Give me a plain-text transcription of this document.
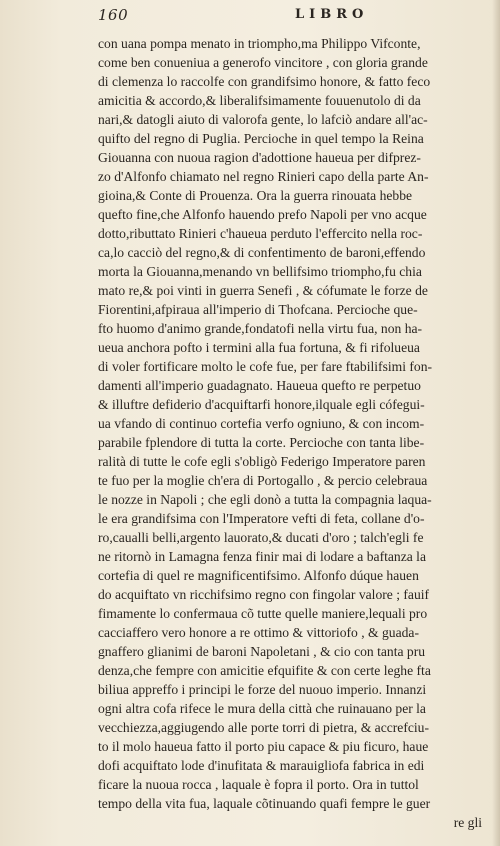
160	LIBRO
con uana pompa menato in triompho,ma Philippo Vifconte,
come ben conueniua a generofo vincitore , con gloria grande
di clemenza lo raccolfe con grandifsimo honore, & fatto feco
amicitia & accordo,& liberalifsimamente fouuenutolo di da
nari,& datogli aiuto di valorofa gente, lo lafciò andare all'ac-
quifto del regno di Puglia. Percioche in quel tempo la Reina
Giouanna con nuoua ragion d'adottione haueua per difprez-
zo d'Alfonfo chiamato nel regno Rinieri capo della parte An-
gioina,& Conte di Prouenza. Ora la guerra rinouata hebbe
quefto fine,che Alfonfo hauendo prefo Napoli per vno acque
dotto,ributtato Rinieri c'haueua perduto l'effercito nella roc-
ca,lo cacciò del regno,& di confentimento de baroni,effendo
morta la Giouanna,menando vn bellifsimo triompho,fu chia
mato re,& poi vinti in guerra Senefi , & cófumate le forze de
Fiorentini,afpiraua all'imperio di Thofcana. Percioche que-
fto huomo d'animo grande,fondatofi nella virtu fua, non ha-
ueua anchora pofto i termini alla fua fortuna, & fi rifolueua
di voler fortificare molto le cofe fue, per fare ftabilifsimi fon-
damenti all'imperio guadagnato. Haueua quefto re perpetuo
& illuftre defiderio d'acquiftarfi honore,ilquale egli cófegui-
ua vfando di continuo cortefia verfo ogniuno, & con incom-
parabile fplendore di tutta la corte. Percioche con tanta libe-
ralità di tutte le cofe egli s'obligò Federigo Imperatore paren
te fuo per la moglie ch'era di Portogallo , & percio celebraua
le nozze in Napoli ; che egli donò a tutta la compagnia laqua-
le era grandifsima con l'Imperatore vefti di feta, collane d'o-
ro,caualli belli,argento lauorato,& ducati d'oro ; talch'egli fe
ne ritornò in Lamagna fenza finir mai di lodare a baftanza la
cortefia di quel re magnificentifsimo. Alfonfo dúque hauen
do acquiftato vn ricchifsimo regno con fingolar valore ; fauif
fimamente lo confermaua cõ tutte quelle maniere,lequali pro
cacciaffero vero honore a re ottimo & vittoriofo , & guada-
gnaffero glianimi de baroni Napoletani , & cio con tanta pru
denza,che fempre con amicitie efquifite & con certe leghe fta
biliua appreffo i principi le forze del nuouo imperio. Innanzi
ogni altra cofa rifece le mura della città che ruinauano per la
vecchiezza,aggiugendo alle porte torri di pietra, & accrefciu-
to il molo haueua fatto il porto piu capace & piu ficuro, haue
dofi acquiftato lode d'inufitata & marauigliofa fabrica in edi
ficare la nuoua rocca , laquale è fopra il porto. Ora in tuttol
tempo della vita fua, laquale cõtinuando quafi fempre le guer
re gli
